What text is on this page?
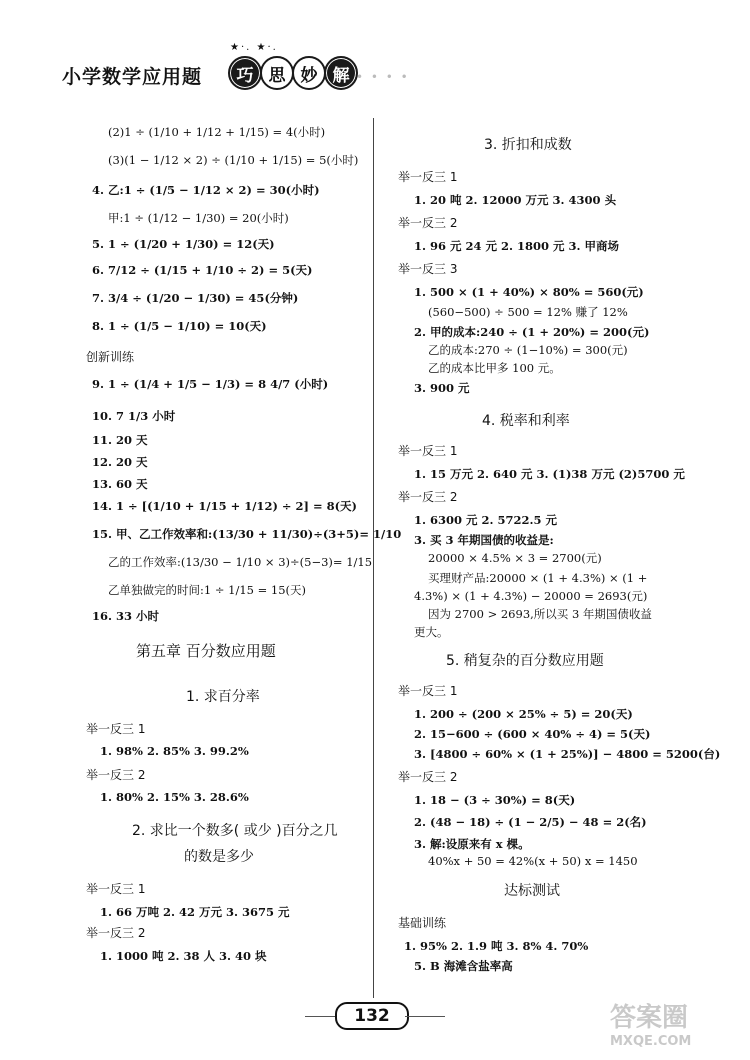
★·. ★·.
小学数学应用题	巧 思 妙 解 • • • •
(2)1 ÷ (1/10 + 1/12 + 1/15) = 4(小时)
(3)(1 − 1/12 × 2) ÷ (1/10 + 1/15) = 5(小时)
4. 乙:1 ÷ (1/5 − 1/12 × 2) = 30(小时)
甲:1 ÷ (1/12 − 1/30) = 20(小时)
5. 1 ÷ (1/20 + 1/30) = 12(天)
6. 7/12 ÷ (1/15 + 1/10 ÷ 2) = 5(天)
7. 3/4 ÷ (1/20 − 1/30) = 45(分钟)
8. 1 ÷ (1/5 − 1/10) = 10(天)
创新训练
9. 1 ÷ (1/4 + 1/5 − 1/3) = 8 4/7 (小时)
10. 7 1/3 小时
11. 20 天
12. 20 天
13. 60 天
14. 1 ÷ [(1/10 + 1/15 + 1/12) ÷ 2] = 8(天)
15. 甲、乙工作效率和:(13/30 + 11/30)÷(3+5)= 1/10
乙的工作效率:(13/30 − 1/10 × 3)÷(5−3)= 1/15
乙单独做完的时间:1 ÷ 1/15 = 15(天)
16. 33 小时
第五章 百分数应用题
1. 求百分率
举一反三 1
1. 98% 2. 85% 3. 99.2%
举一反三 2
1. 80% 2. 15% 3. 28.6%
2. 求比一个数多( 或少 )百分之几
的数是多少
举一反三 1
1. 66 万吨 2. 42 万元 3. 3675 元
举一反三 2
1. 1000 吨 2. 38 人 3. 40 块
3. 折扣和成数
举一反三 1
1. 20 吨 2. 12000 万元 3. 4300 头
举一反三 2
1. 96 元 24 元 2. 1800 元 3. 甲商场
举一反三 3
1. 500 × (1 + 40%) × 80% = 560(元)
(560−500) ÷ 500 = 12% 赚了 12%
2. 甲的成本:240 ÷ (1 + 20%) = 200(元)
乙的成本:270 ÷ (1−10%) = 300(元)
乙的成本比甲多 100 元。
3. 900 元
4. 税率和利率
举一反三 1
1. 15 万元 2. 640 元 3. (1)38 万元 (2)5700 元
举一反三 2
1. 6300 元 2. 5722.5 元
3. 买 3 年期国债的收益是:
20000 × 4.5% × 3 = 2700(元)
买理财产品:20000 × (1 + 4.3%) × (1 +
4.3%) × (1 + 4.3%) − 20000 = 2693(元)
因为 2700 > 2693,所以买 3 年期国债收益
更大。
5. 稍复杂的百分数应用题
举一反三 1
1. 200 ÷ (200 × 25% ÷ 5) = 20(天)
2. 15−600 ÷ (600 × 40% ÷ 4) = 5(天)
3. [4800 ÷ 60% × (1 + 25%)] − 4800 = 5200(台)
举一反三 2
1. 18 − (3 ÷ 30%) = 8(天)
2. (48 − 18) ÷ (1 − 2/5) − 48 = 2(名)
3. 解:设原来有 x 棵。
40%x + 50 = 42%(x + 50) x = 1450
达标测试
基础训练
1. 95% 2. 1.9 吨 3. 8% 4. 70%
5. B 海滩含盐率高
132	答案圈
MXQE.COM
